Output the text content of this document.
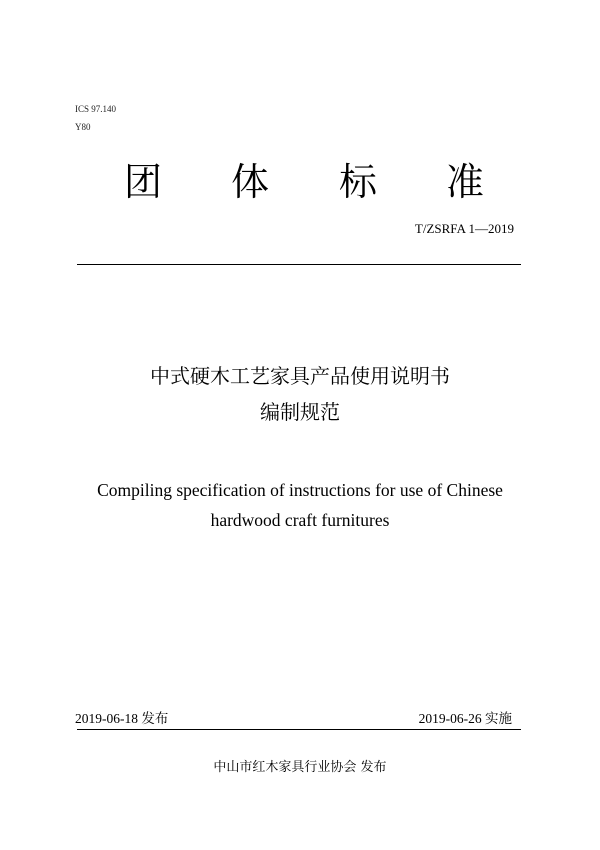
ICS 97.140
Y80
团 体 标 准
T/ZSRFA 1—2019
中式硬木工艺家具产品使用说明书
编制规范
Compiling specification of instructions for use of Chinese
hardwood craft furnitures
2019-06-18 发布	2019-06-26 实施
中山市红木家具行业协会 发布
